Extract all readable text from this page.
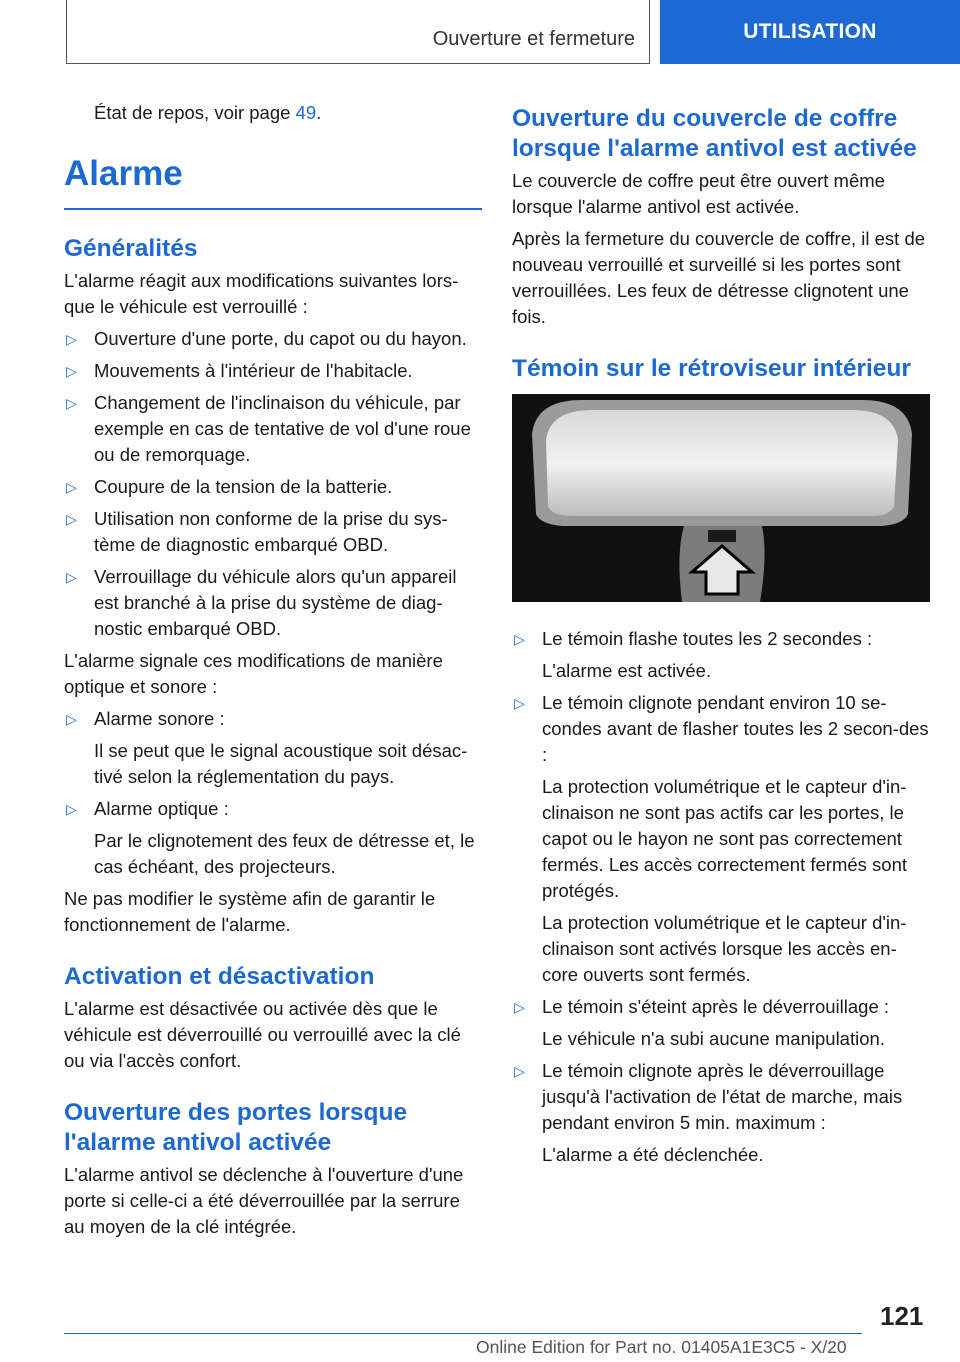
Ouverture et fermeture	UTILISATION

État de repos, voir page 49.

Alarme
Généralités

L'alarme réagit aux modifications suivantes lors-que le véhicule est verrouillé :

▷ Ouverture d'une porte, du capot ou du hayon.
▷ Mouvements à l'intérieur de l'habitacle.
▷ Changement de l'inclinaison du véhicule, par exemple en cas de tentative de vol d'une roue ou de remorquage.
▷ Coupure de la tension de la batterie.
▷ Utilisation non conforme de la prise du sys-tème de diagnostic embarqué OBD.
▷ Verrouillage du véhicule alors qu'un appareil est branché à la prise du système de diag-nostic embarqué OBD.

L'alarme signale ces modifications de manière optique et sonore :

▷ Alarme sonore :
Il se peut que le signal acoustique soit désac-tivé selon la réglementation du pays.
▷ Alarme optique :
Par le clignotement des feux de détresse et, le cas échéant, des projecteurs.

Ne pas modifier le système afin de garantir le fonctionnement de l'alarme.

Activation et désactivation

L'alarme est désactivée ou activée dès que le véhicule est déverrouillé ou verrouillé avec la clé ou via l'accès confort.

Ouverture des portes lorsque l'alarme antivol activée

L'alarme antivol se déclenche à l'ouverture d'une porte si celle-ci a été déverrouillée par la serrure au moyen de la clé intégrée.

Ouverture du couvercle de coffre lorsque l'alarme antivol est activée

Le couvercle de coffre peut être ouvert même lorsque l'alarme antivol est activée.

Après la fermeture du couvercle de coffre, il est de nouveau verrouillé et surveillé si les portes sont verrouillées. Les feux de détresse clignotent une fois.

Témoin sur le rétroviseur intérieur
▷ Le témoin flashe toutes les 2 secondes :
L'alarme est activée.
▷ Le témoin clignote pendant environ 10 se-condes avant de flasher toutes les 2 secon-des :
La protection volumétrique et le capteur d'in-clinaison ne sont pas actifs car les portes, le capot ou le hayon ne sont pas correctement fermés. Les accès correctement fermés sont protégés.
La protection volumétrique et le capteur d'in-clinaison sont activés lorsque les accès en-core ouverts sont fermés.
▷ Le témoin s'éteint après le déverrouillage :
Le véhicule n'a subi aucune manipulation.
▷ Le témoin clignote après le déverrouillage jusqu'à l'activation de l'état de marche, mais pendant environ 5 min. maximum :
L'alarme a été déclenchée.
121
Online Edition for Part no. 01405A1E3C5 - X/20
